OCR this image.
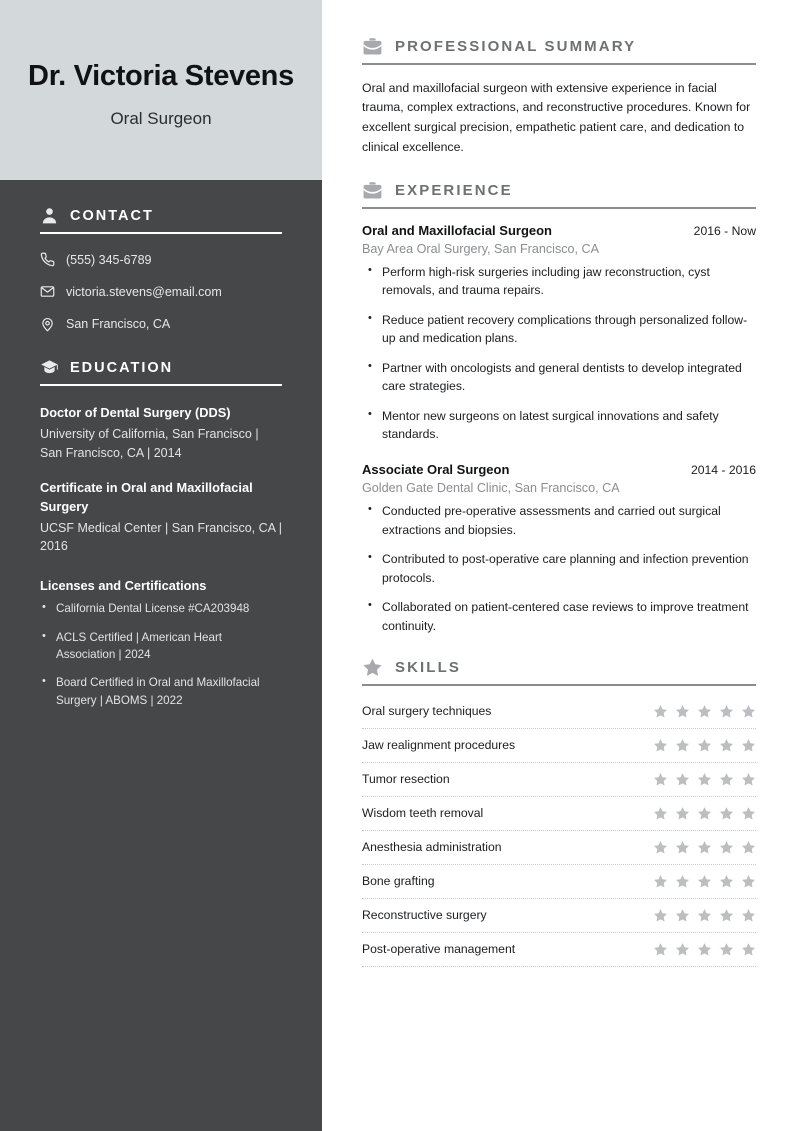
Dr. Victoria Stevens
Oral Surgeon
CONTACT
(555) 345-6789
victoria.stevens@email.com
San Francisco, CA
EDUCATION
Doctor of Dental Surgery (DDS)
University of California, San Francisco | San Francisco, CA | 2014
Certificate in Oral and Maxillofacial Surgery
UCSF Medical Center | San Francisco, CA | 2016
Licenses and Certifications
• California Dental License #CA203948
• ACLS Certified | American Heart Association | 2024
• Board Certified in Oral and Maxillofacial Surgery | ABOMS | 2022
PROFESSIONAL SUMMARY

Oral and maxillofacial surgeon with extensive experience in facial trauma, complex extractions, and reconstructive procedures. Known for excellent surgical precision, empathetic patient care, and dedication to clinical excellence.

EXPERIENCE
Oral and Maxillofacial Surgeon	2016 - Now
Bay Area Oral Surgery, San Francisco, CA
• Perform high-risk surgeries including jaw reconstruction, cyst removals, and trauma repairs.
• Reduce patient recovery complications through personalized follow-up and medication plans.
• Partner with oncologists and general dentists to develop integrated care strategies.
• Mentor new surgeons on latest surgical innovations and safety standards.
Associate Oral Surgeon	2014 - 2016
Golden Gate Dental Clinic, San Francisco, CA
• Conducted pre-operative assessments and carried out surgical extractions and biopsies.
• Contributed to post-operative care planning and infection prevention protocols.
• Collaborated on patient-centered case reviews to improve treatment continuity.
SKILLS
Oral surgery techniques
Jaw realignment procedures
Tumor resection
Wisdom teeth removal
Anesthesia administration
Bone grafting
Reconstructive surgery
Post-operative management
